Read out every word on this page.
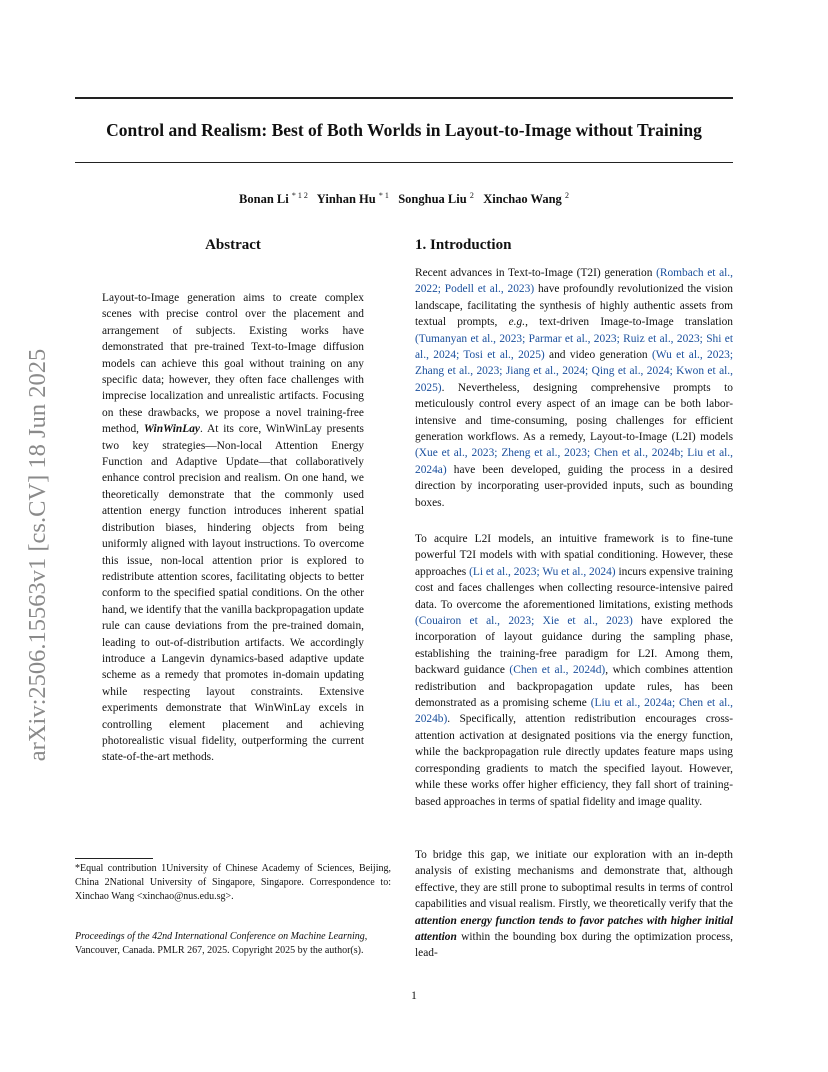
Control and Realism: Best of Both Worlds in Layout-to-Image without Training
Bonan Li $^{* 1 2}$ Yinhan Hu $^{* 1}$ Songhua Liu $^2$ Xinchao Wang $^2$
arXiv:2506.15563v1 [cs.CV] 18 Jun 2025
Abstract
Layout-to-Image generation aims to create complex scenes with precise control over the placement and arrangement of subjects. Existing works have demonstrated that pre-trained Text-to-Image diffusion models can achieve this goal without training on any specific data; however, they often face challenges with imprecise localization and unrealistic artifacts. Focusing on these drawbacks, we propose a novel training-free method, WinWinLay. At its core, WinWinLay presents two key strategies—Non-local Attention Energy Function and Adaptive Update—that collaboratively enhance control precision and realism. On one hand, we theoretically demonstrate that the commonly used attention energy function introduces inherent spatial distribution biases, hindering objects from being uniformly aligned with layout instructions. To overcome this issue, non-local attention prior is explored to redistribute attention scores, facilitating objects to better conform to the specified spatial conditions. On the other hand, we identify that the vanilla backpropagation update rule can cause deviations from the pre-trained domain, leading to out-of-distribution artifacts. We accordingly introduce a Langevin dynamics-based adaptive update scheme as a remedy that promotes in-domain updating while respecting layout constraints. Extensive experiments demonstrate that WinWinLay excels in controlling element placement and achieving photorealistic visual fidelity, outperforming the current state-of-the-art methods.
*Equal contribution 1University of Chinese Academy of Sciences, Beijing, China 2National University of Singapore, Singapore. Correspondence to: Xinchao Wang <xinchao@nus.edu.sg>.
Proceedings of the 42nd International Conference on Machine Learning, Vancouver, Canada. PMLR 267, 2025. Copyright 2025 by the author(s).
1. Introduction
Recent advances in Text-to-Image (T2I) generation (Rombach et al., 2022; Podell et al., 2023) have profoundly revolutionized the vision landscape, facilitating the synthesis of highly authentic assets from textual prompts, e.g., text-driven Image-to-Image translation (Tumanyan et al., 2023; Parmar et al., 2023; Ruiz et al., 2023; Shi et al., 2024; Tosi et al., 2025) and video generation (Wu et al., 2023; Zhang et al., 2023; Jiang et al., 2024; Qing et al., 2024; Kwon et al., 2025). Nevertheless, designing comprehensive prompts to meticulously control every aspect of an image can be both labor-intensive and time-consuming, posing challenges for efficient generation workflows. As a remedy, Layout-to-Image (L2I) models (Xue et al., 2023; Zheng et al., 2023; Chen et al., 2024b; Liu et al., 2024a) have been developed, guiding the process in a desired direction by incorporating user-provided inputs, such as bounding boxes.
To acquire L2I models, an intuitive framework is to fine-tune powerful T2I models with with spatial conditioning. However, these approaches (Li et al., 2023; Wu et al., 2024) incurs expensive training cost and faces challenges when collecting resource-intensive paired data. To overcome the aforementioned limitations, existing methods (Couairon et al., 2023; Xie et al., 2023) have explored the incorporation of layout guidance during the sampling phase, establishing the training-free paradigm for L2I. Among them, backward guidance (Chen et al., 2024d), which combines attention redistribution and backpropagation update rules, has been demonstrated as a promising scheme (Liu et al., 2024a; Chen et al., 2024b). Specifically, attention redistribution encourages cross-attention activation at designated positions via the energy function, while the backpropagation rule directly updates feature maps using corresponding gradients to match the specified layout. However, while these works offer higher efficiency, they fall short of training-based approaches in terms of spatial fidelity and image quality.
To bridge this gap, we initiate our exploration with an in-depth analysis of existing mechanisms and demonstrate that, although effective, they are still prone to suboptimal results in terms of control capabilities and visual realism. Firstly, we theoretically verify that the attention energy function tends to favor patches with higher initial attention within the bounding box during the optimization process, lead-
1
